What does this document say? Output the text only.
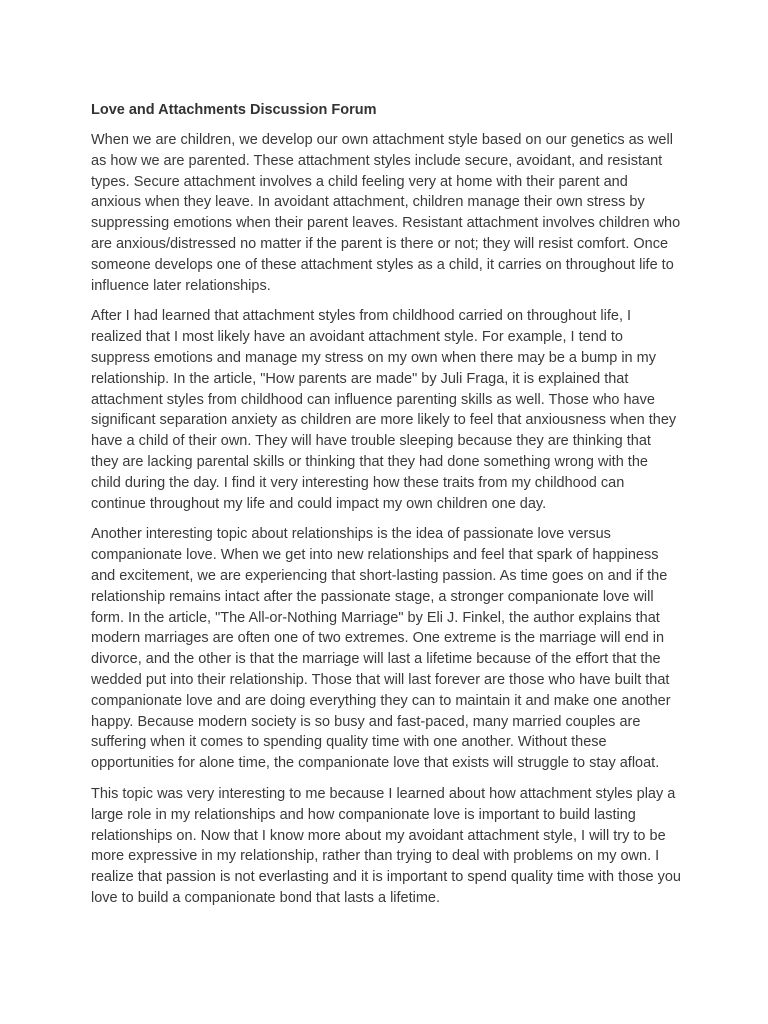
Love and Attachments Discussion Forum

When we are children, we develop our own attachment style based on our genetics as well as how we are parented. These attachment styles include secure, avoidant, and resistant types. Secure attachment involves a child feeling very at home with their parent and anxious when they leave. In avoidant attachment, children manage their own stress by suppressing emotions when their parent leaves. Resistant attachment involves children who are anxious/distressed no matter if the parent is there or not; they will resist comfort. Once someone develops one of these attachment styles as a child, it carries on throughout life to influence later relationships.

After I had learned that attachment styles from childhood carried on throughout life, I realized that I most likely have an avoidant attachment style. For example, I tend to suppress emotions and manage my stress on my own when there may be a bump in my relationship. In the article, "How parents are made" by Juli Fraga, it is explained that attachment styles from childhood can influence parenting skills as well. Those who have significant separation anxiety as children are more likely to feel that anxiousness when they have a child of their own. They will have trouble sleeping because they are thinking that they are lacking parental skills or thinking that they had done something wrong with the child during the day. I find it very interesting how these traits from my childhood can continue throughout my life and could impact my own children one day.

Another interesting topic about relationships is the idea of passionate love versus companionate love. When we get into new relationships and feel that spark of happiness and excitement, we are experiencing that short-lasting passion. As time goes on and if the relationship remains intact after the passionate stage, a stronger companionate love will form. In the article, "The All-or-Nothing Marriage" by Eli J. Finkel, the author explains that modern marriages are often one of two extremes. One extreme is the marriage will end in divorce, and the other is that the marriage will last a lifetime because of the effort that the wedded put into their relationship. Those that will last forever are those who have built that companionate love and are doing everything they can to maintain it and make one another happy. Because modern society is so busy and fast-paced, many married couples are suffering when it comes to spending quality time with one another. Without these opportunities for alone time, the companionate love that exists will struggle to stay afloat.

This topic was very interesting to me because I learned about how attachment styles play a large role in my relationships and how companionate love is important to build lasting relationships on. Now that I know more about my avoidant attachment style, I will try to be more expressive in my relationship, rather than trying to deal with problems on my own. I realize that passion is not everlasting and it is important to spend quality time with those you love to build a companionate bond that lasts a lifetime.
